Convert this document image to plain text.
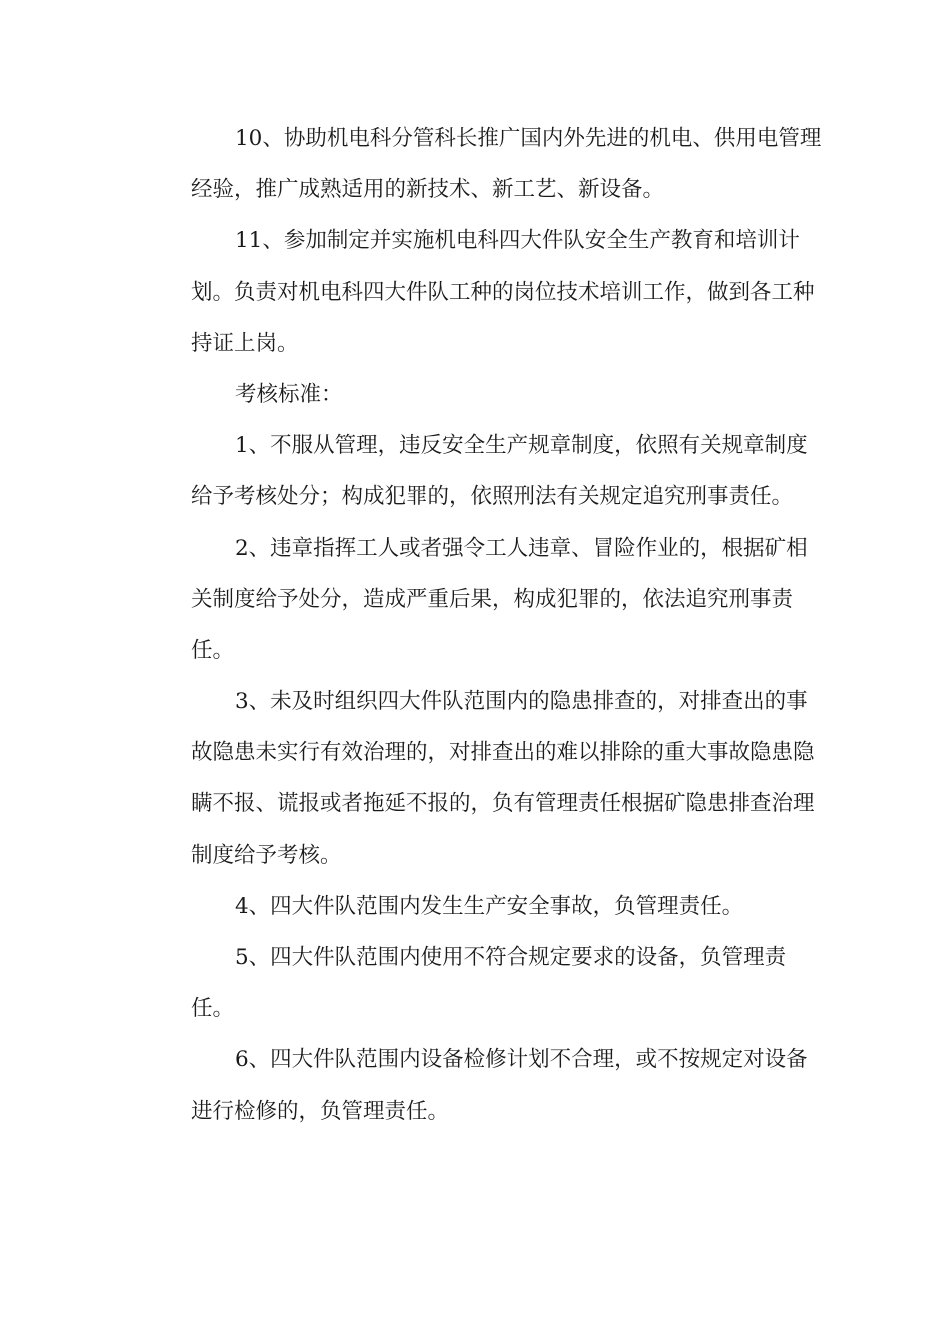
10、协助机电科分管科长推广国内外先进的机电、供用电管理
经验，推广成熟适用的新技术、新工艺、新设备。
11、参加制定并实施机电科四大件队安全生产教育和培训计
划。负责对机电科四大件队工种的岗位技术培训工作，做到各工种
持证上岗。
考核标准：
1、不服从管理，违反安全生产规章制度，依照有关规章制度
给予考核处分；构成犯罪的，依照刑法有关规定追究刑事责任。
2、违章指挥工人或者强令工人违章、冒险作业的，根据矿相
关制度给予处分，造成严重后果，构成犯罪的，依法追究刑事责
任。
3、未及时组织四大件队范围内的隐患排查的，对排查出的事
故隐患未实行有效治理的，对排查出的难以排除的重大事故隐患隐
瞒不报、谎报或者拖延不报的，负有管理责任根据矿隐患排查治理
制度给予考核。
4、四大件队范围内发生生产安全事故，负管理责任。
5、四大件队范围内使用不符合规定要求的设备，负管理责
任。
6、四大件队范围内设备检修计划不合理，或不按规定对设备
进行检修的，负管理责任。
